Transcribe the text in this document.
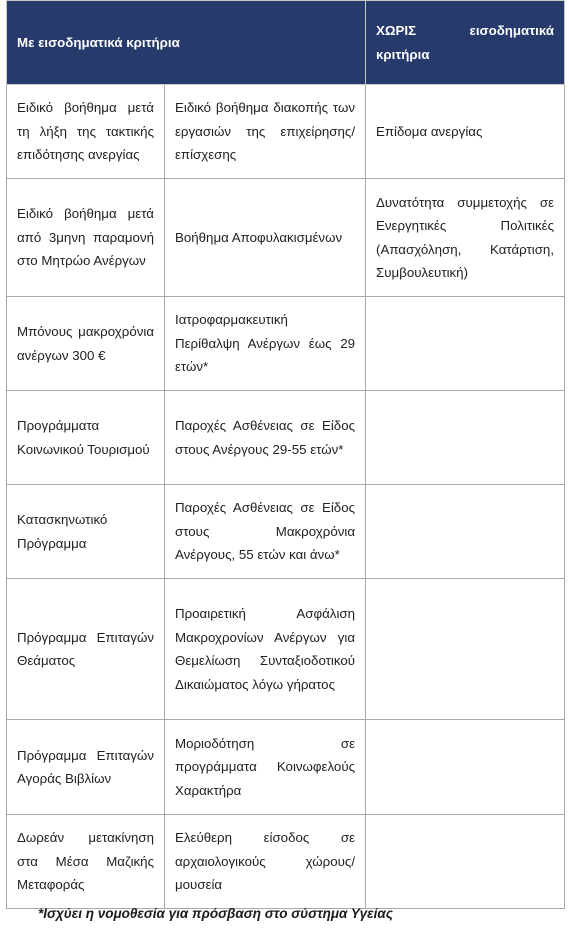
Με εισοδηματικά κριτήρια		ΧΩΡΙΣ εισοδηματικά κριτήρια
Ειδικό βοήθημα μετά τη λήξη της τακτικής επιδότησης ανεργίας	Ειδικό βοήθημα διακοπής των εργασιών της επιχείρησης/επίσχεσης	Επίδομα ανεργίας
Ειδικό βοήθημα μετά από 3μηνη παραμονή στο Μητρώο Ανέργων	Βοήθημα Αποφυλακισμένων	Δυνατότητα συμμετοχής σε Ενεργητικές Πολιτικές (Απασχόληση, Κατάρτιση, Συμβουλευτική)
Μπόνους μακροχρόνια ανέργων 300 €	Ιατροφαρμακευτική Περίθαλψη Ανέργων έως 29 ετών*	
Προγράμματα Κοινωνικού Τουρισμού	Παροχές Ασθένειας σε Είδος στους Ανέργους 29-55 ετών*	
Κατασκηνωτικό Πρόγραμμα	Παροχές Ασθένειας σε Είδος στους Μακροχρόνια Ανέργους, 55 ετών και άνω*	
Πρόγραμμα Επιταγών Θεάματος	Προαιρετική Ασφάλιση Μακροχρονίων Ανέργων για Θεμελίωση Συνταξιοδοτικού Δικαιώματος λόγω γήρατος	
Πρόγραμμα Επιταγών Αγοράς Βιβλίων	Μοριοδότηση σε προγράμματα Κοινωφελούς Χαρακτήρα	
Δωρεάν μετακίνηση στα Μέσα Μαζικής Μεταφοράς	Ελεύθερη είσοδος σε αρχαιολογικούς χώρους/ μουσεία	
*Ισχύει η νομοθεσία για πρόσβαση στο σύστημα Υγείας
